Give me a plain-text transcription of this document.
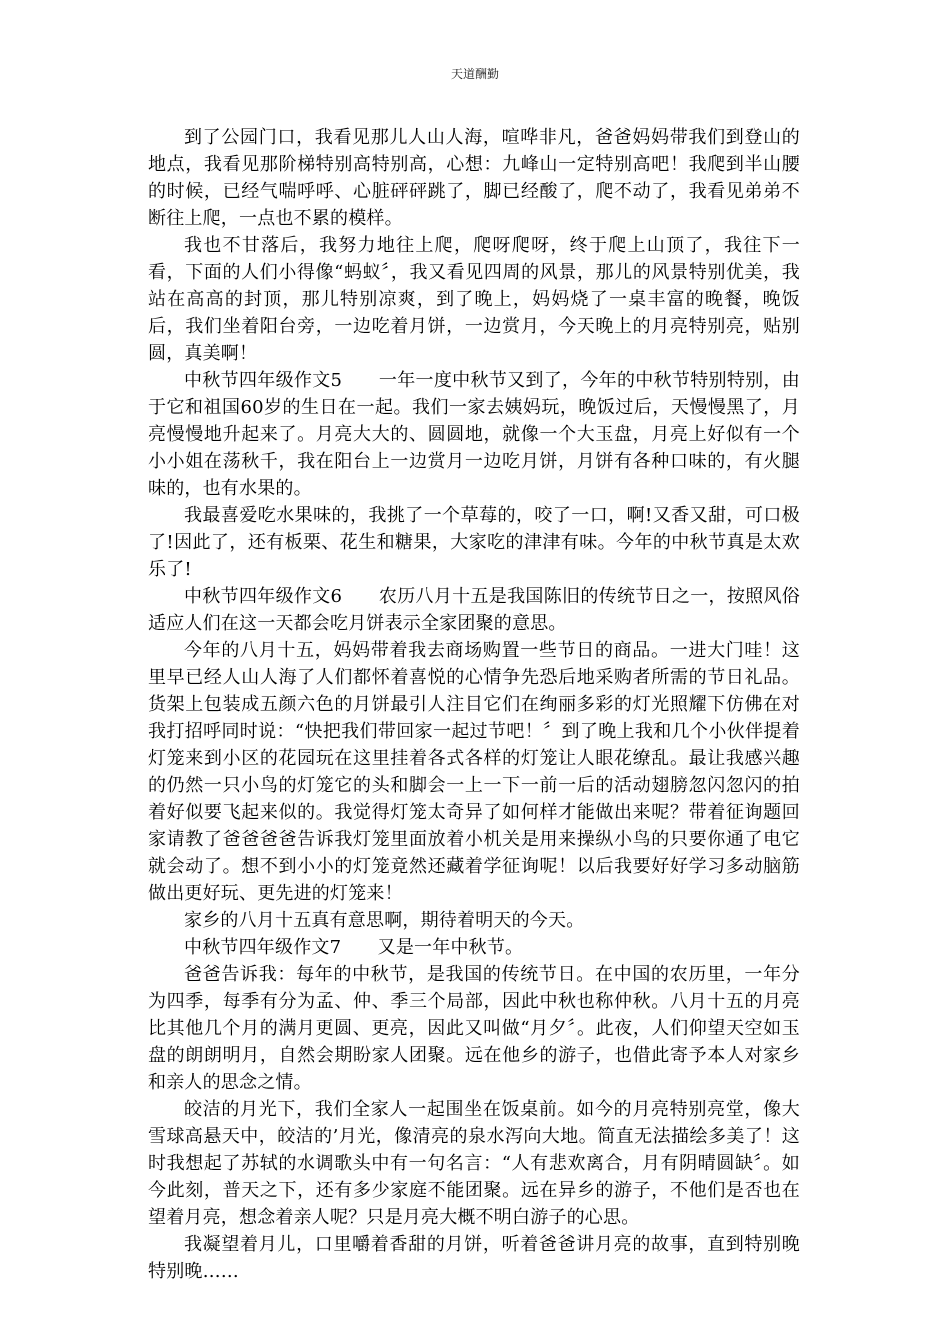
天道酬勤

到了公园门口，我看见那儿人山人海，喧哗非凡，爸爸妈妈带我们到登山的地点，我看见那阶梯特别高特别高，心想：九峰山一定特别高吧！我爬到半山腰的时候，已经气喘呼呼、心脏砰砰跳了，脚已经酸了，爬不动了，我看见弟弟不断往上爬，一点也不累的模样。

我也不甘落后，我努力地往上爬，爬呀爬呀，终于爬上山顶了，我往下一看，下面的人们小得像“蚂蚁〞，我又看见四周的风景，那儿的风景特别优美，我站在高高的封顶，那儿特别凉爽，到了晚上，妈妈烧了一桌丰富的晚餐，晚饭后，我们坐着阳台旁，一边吃着月饼，一边赏月，今天晚上的月亮特别亮，贴别圆，真美啊！

中秋节四年级作文5　　一年一度中秋节又到了，今年的中秋节特别特别，由于它和祖国60岁的生日在一起。我们一家去姨妈玩，晚饭过后，天慢慢黑了，月亮慢慢地升起来了。月亮大大的、圆圆地，就像一个大玉盘，月亮上好似有一个小小姐在荡秋千，我在阳台上一边赏月一边吃月饼，月饼有各种口味的，有火腿味的，也有水果的。

我最喜爱吃水果味的，我挑了一个草莓的，咬了一口，啊!又香又甜，可口极了!因此了，还有板栗、花生和糖果，大家吃的津津有味。今年的中秋节真是太欢乐了!

中秋节四年级作文6　　农历八月十五是我国陈旧的传统节日之一，按照风俗适应人们在这一天都会吃月饼表示全家团聚的意思。

今年的八月十五，妈妈带着我去商场购置一些节日的商品。一进大门哇！这里早已经人山人海了人们都怀着喜悦的心情争先恐后地采购者所需的节日礼品。货架上包装成五颜六色的月饼最引人注目它们在绚丽多彩的灯光照耀下仿佛在对我打招呼同时说：“快把我们带回家一起过节吧！〞到了晚上我和几个小伙伴提着灯笼来到小区的花园玩在这里挂着各式各样的灯笼让人眼花缭乱。最让我感兴趣的仍然一只小鸟的灯笼它的头和脚会一上一下一前一后的活动翅膀忽闪忽闪的拍着好似要飞起来似的。我觉得灯笼太奇异了如何样才能做出来呢？带着征询题回家请教了爸爸爸爸告诉我灯笼里面放着小机关是用来操纵小鸟的只要你通了电它就会动了。想不到小小的灯笼竟然还藏着学征询呢！以后我要好好学习多动脑筋做出更好玩、更先进的灯笼来！

家乡的八月十五真有意思啊，期待着明天的今天。

中秋节四年级作文7　　又是一年中秋节。

爸爸告诉我：每年的中秋节，是我国的传统节日。在中国的农历里，一年分为四季，每季有分为孟、仲、季三个局部，因此中秋也称仲秋。八月十五的月亮比其他几个月的满月更圆、更亮，因此又叫做“月夕〞。此夜，人们仰望天空如玉盘的朗朗明月，自然会期盼家人团聚。远在他乡的游子，也借此寄予本人对家乡和亲人的思念之情。

皎洁的月光下，我们全家人一起围坐在饭桌前。如今的月亮特别亮堂，像大雪球高悬天中，皎洁的’月光，像清亮的泉水泻向大地。简直无法描绘多美了！这时我想起了苏轼的水调歌头中有一句名言：“人有悲欢离合，月有阴晴圆缺〞。如今此刻，普天之下，还有多少家庭不能团聚。远在异乡的游子，不他们是否也在望着月亮，想念着亲人呢？只是月亮大概不明白游子的心思。

我凝望着月儿，口里嚼着香甜的月饼，听着爸爸讲月亮的故事，直到特别晚特别晚……
